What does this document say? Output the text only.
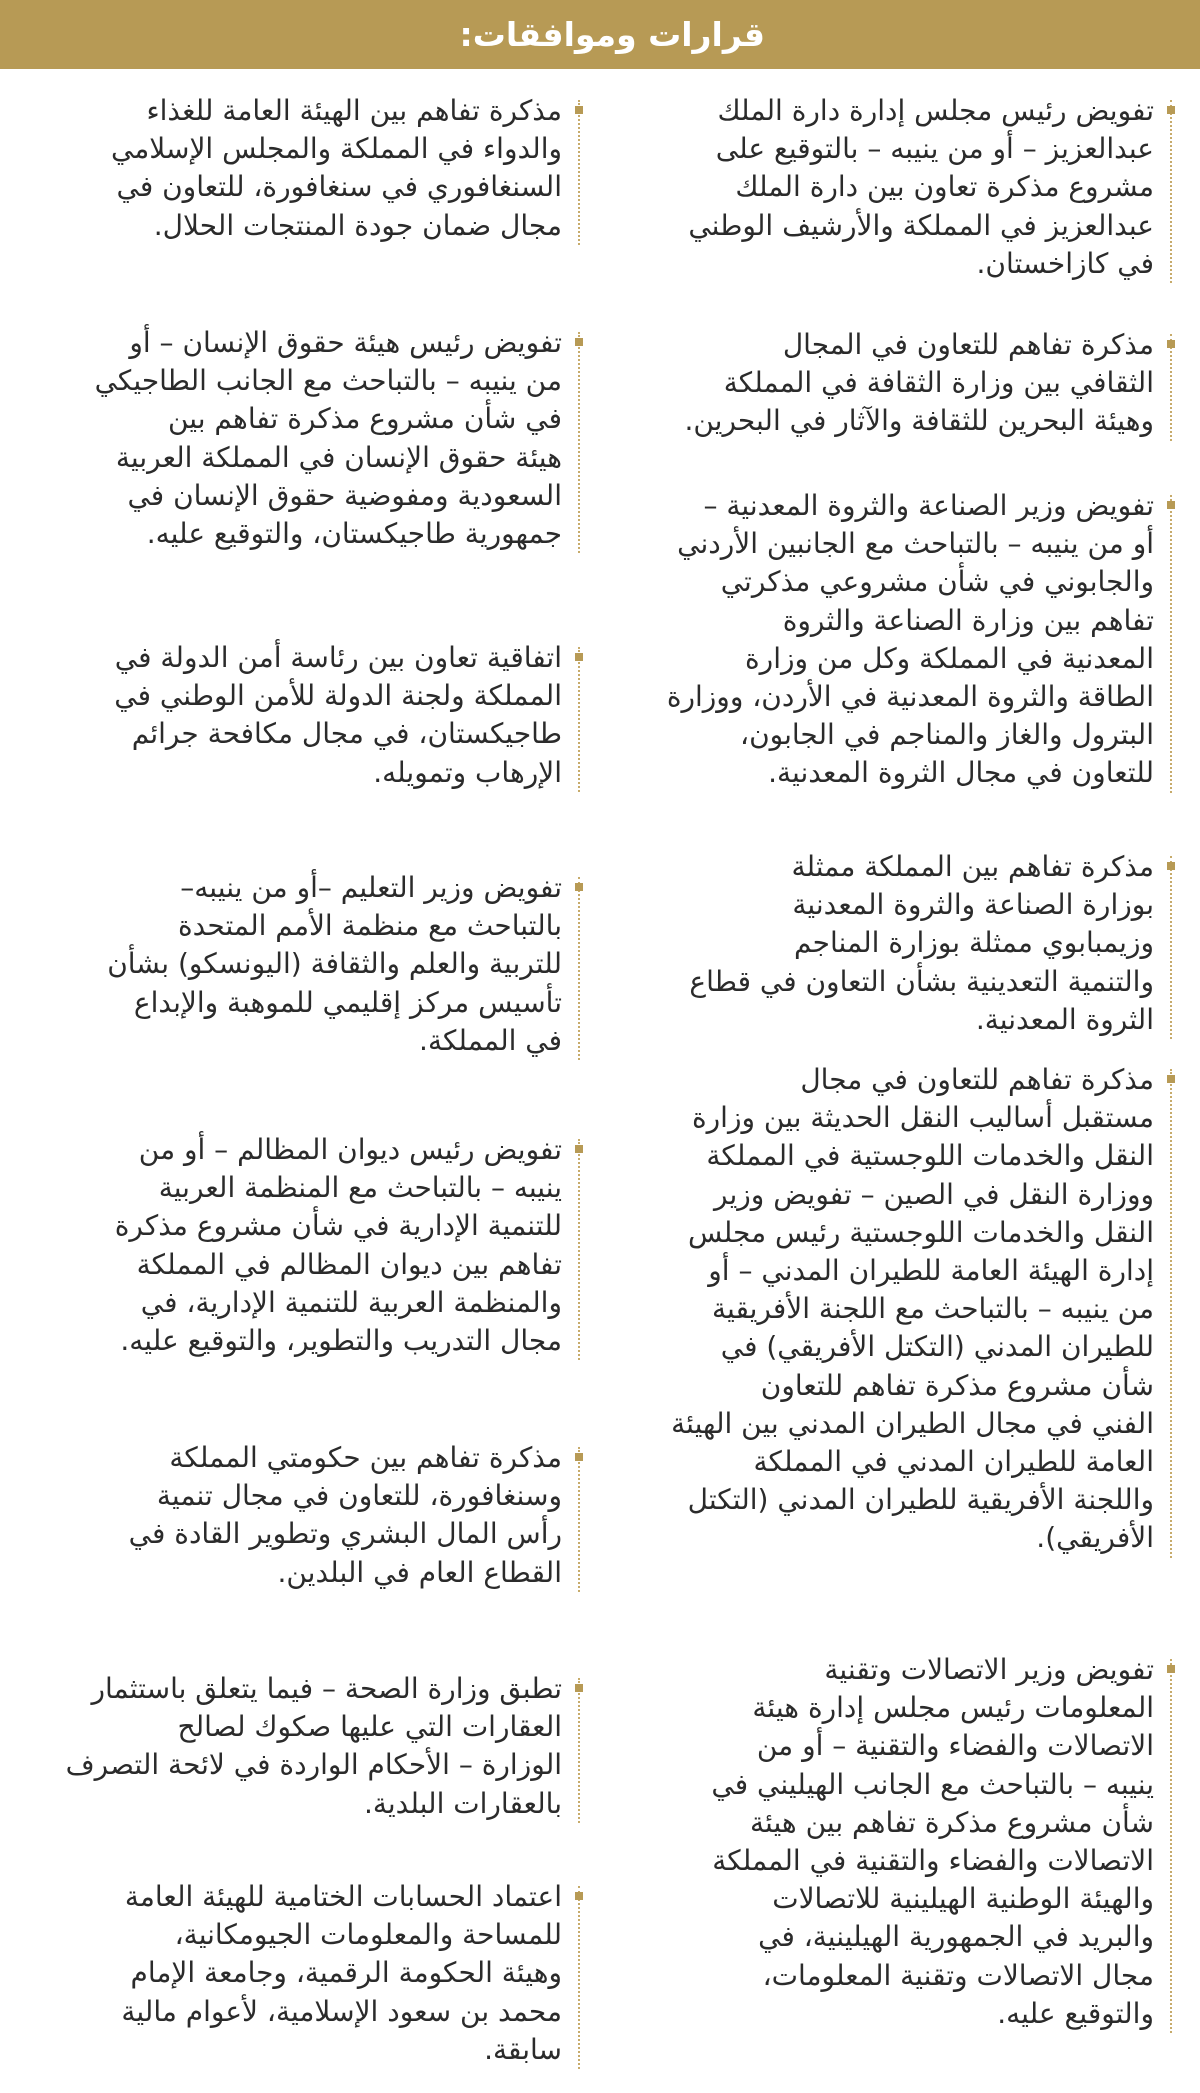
قرارات وموافقات:

تفويض رئيس مجلس إدارة دارة الملك
عبدالعزيز – أو من ينيبه – بالتوقيع على
مشروع مذكرة تعاون بين دارة الملك
عبدالعزيز في المملكة والأرشيف الوطني
في كازاخستان.

مذكرة تفاهم للتعاون في المجال
الثقافي بين وزارة الثقافة في المملكة
وهيئة البحرين للثقافة والآثار في البحرين.

تفويض وزير الصناعة والثروة المعدنية –
أو من ينيبه – بالتباحث مع الجانبين الأردني
والجابوني في شأن مشروعي مذكرتي
تفاهم بين وزارة الصناعة والثروة
المعدنية في المملكة وكل من وزارة
الطاقة والثروة المعدنية في الأردن، ووزارة
البترول والغاز والمناجم في الجابون،
للتعاون في مجال الثروة المعدنية.

مذكرة تفاهم بين المملكة ممثلة
بوزارة الصناعة والثروة المعدنية
وزيمبابوي ممثلة بوزارة المناجم
والتنمية التعدينية بشأن التعاون في قطاع
الثروة المعدنية.

مذكرة تفاهم للتعاون في مجال
مستقبل أساليب النقل الحديثة بين وزارة
النقل والخدمات اللوجستية في المملكة
ووزارة النقل في الصين – تفويض وزير
النقل والخدمات اللوجستية رئيس مجلس
إدارة الهيئة العامة للطيران المدني – أو
من ينيبه – بالتباحث مع اللجنة الأفريقية
للطيران المدني (التكتل الأفريقي) في
شأن مشروع مذكرة تفاهم للتعاون
الفني في مجال الطيران المدني بين الهيئة
العامة للطيران المدني في المملكة
واللجنة الأفريقية للطيران المدني (التكتل
الأفريقي).

تفويض وزير الاتصالات وتقنية
المعلومات رئيس مجلس إدارة هيئة
الاتصالات والفضاء والتقنية – أو من
ينيبه – بالتباحث مع الجانب الهيليني في
شأن مشروع مذكرة تفاهم بين هيئة
الاتصالات والفضاء والتقنية في المملكة
والهيئة الوطنية الهيلينية للاتصالات
والبريد في الجمهورية الهيلينية، في
مجال الاتصالات وتقنية المعلومات،
والتوقيع عليه.

مذكرة تفاهم بين الهيئة العامة للغذاء
والدواء في المملكة والمجلس الإسلامي
السنغافوري في سنغافورة، للتعاون في
مجال ضمان جودة المنتجات الحلال.

تفويض رئيس هيئة حقوق الإنسان – أو
من ينيبه – بالتباحث مع الجانب الطاجيكي
في شأن مشروع مذكرة تفاهم بين
هيئة حقوق الإنسان في المملكة العربية
السعودية ومفوضية حقوق الإنسان في
جمهورية طاجيكستان، والتوقيع عليه.

اتفاقية تعاون بين رئاسة أمن الدولة في
المملكة ولجنة الدولة للأمن الوطني في
طاجيكستان، في مجال مكافحة جرائم
الإرهاب وتمويله.

تفويض وزير التعليم –أو من ينيبه–
بالتباحث مع منظمة الأمم المتحدة
للتربية والعلم والثقافة (اليونسكو) بشأن
تأسيس مركز إقليمي للموهبة والإبداع
في المملكة.

تفويض رئيس ديوان المظالم – أو من
ينيبه – بالتباحث مع المنظمة العربية
للتنمية الإدارية في شأن مشروع مذكرة
تفاهم بين ديوان المظالم في المملكة
والمنظمة العربية للتنمية الإدارية، في
مجال التدريب والتطوير، والتوقيع عليه.

مذكرة تفاهم بين حكومتي المملكة
وسنغافورة، للتعاون في مجال تنمية
رأس المال البشري وتطوير القادة في
القطاع العام في البلدين.

تطبق وزارة الصحة – فيما يتعلق باستثمار
العقارات التي عليها صكوك لصالح
الوزارة – الأحكام الواردة في لائحة التصرف
بالعقارات البلدية.

اعتماد الحسابات الختامية للهيئة العامة
للمساحة والمعلومات الجيومكانية،
وهيئة الحكومة الرقمية، وجامعة الإمام
محمد بن سعود الإسلامية، لأعوام مالية
سابقة.
